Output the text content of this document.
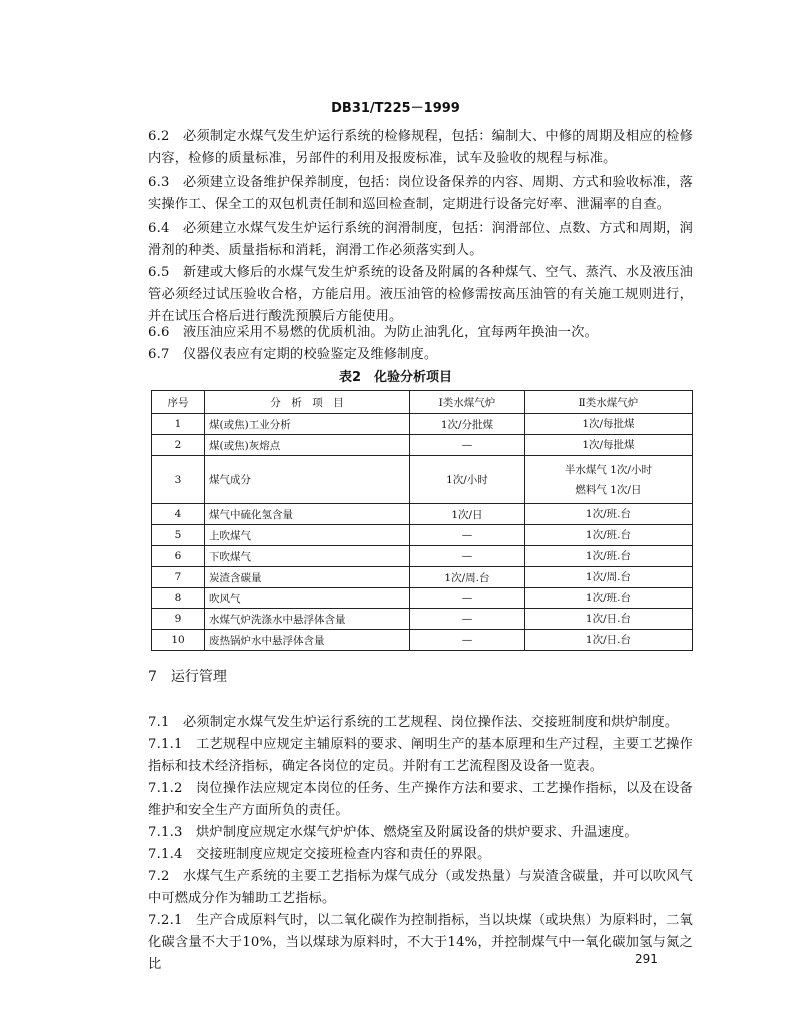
DB31/T225－1999

6.2　必须制定水煤气发生炉运行系统的检修规程，包括：编制大、中修的周期及相应的检修内容，检修的质量标准，另部件的利用及报废标准，试车及验收的规程与标准。

6.3　必须建立设备维护保养制度，包括：岗位设备保养的内容、周期、方式和验收标准，落实操作工、保全工的双包机责任制和巡回检查制，定期进行设备完好率、泄漏率的自查。

6.4　必须建立水煤气发生炉运行系统的润滑制度，包括：润滑部位、点数、方式和周期，润滑剂的种类、质量指标和消耗，润滑工作必须落实到人。

6.5　新建或大修后的水煤气发生炉系统的设备及附属的各种煤气、空气、蒸汽、水及液压油管必须经过试压验收合格，方能启用。液压油管的检修需按高压油管的有关施工规则进行，并在试压合格后进行酸洗预膜后方能使用。

6.6　液压油应采用不易燃的优质机油。为防止油乳化，宜每两年换油一次。

6.7　仪器仪表应有定期的校验鉴定及维修制度。

表2　化验分析项目
序号	分　析　项　目	Ⅰ类水煤气炉	Ⅱ类水煤气炉
1	煤(或焦)工业分析	1次/分批煤	1次/每批煤

2	煤(或焦)灰熔点	—	1次/每批煤

3	煤气成分	1次/小时	半水煤气 1次/小时
燃料气 1次/日

4	煤气中硫化氢含量	1次/日	1次/班.台

5	上吹煤气	—	1次/班.台

6	下吹煤气	—	1次/班.台

7	炭渣含碳量	1次/周.台	1次/周.台

8	吹风气	—	1次/班.台

9	水煤气炉洗涤水中悬浮体含量	—	1次/日.台

10	废热锅炉水中悬浮体含量	—	1次/日.台
7　运行管理

7.1　必须制定水煤气发生炉运行系统的工艺规程、岗位操作法、交接班制度和烘炉制度。

7.1.1　工艺规程中应规定主辅原料的要求、阐明生产的基本原理和生产过程，主要工艺操作指标和技术经济指标，确定各岗位的定员。并附有工艺流程图及设备一览表。

7.1.2　岗位操作法应规定本岗位的任务、生产操作方法和要求、工艺操作指标，以及在设备维护和安全生产方面所负的责任。

7.1.3　烘炉制度应规定水煤气炉炉体、燃烧室及附属设备的烘炉要求、升温速度。

7.1.4　交接班制度应规定交接班检查内容和责任的界限。

7.2　水煤气生产系统的主要工艺指标为煤气成分（或发热量）与炭渣含碳量，并可以吹风气中可燃成分作为辅助工艺指标。

7.2.1　生产合成原料气时，以二氧化碳作为控制指标，当以块煤（或块焦）为原料时，二氧化碳含量不大于10%，当以煤球为原料时，不大于14%，并控制煤气中一氧化碳加氢与氮之比	291
